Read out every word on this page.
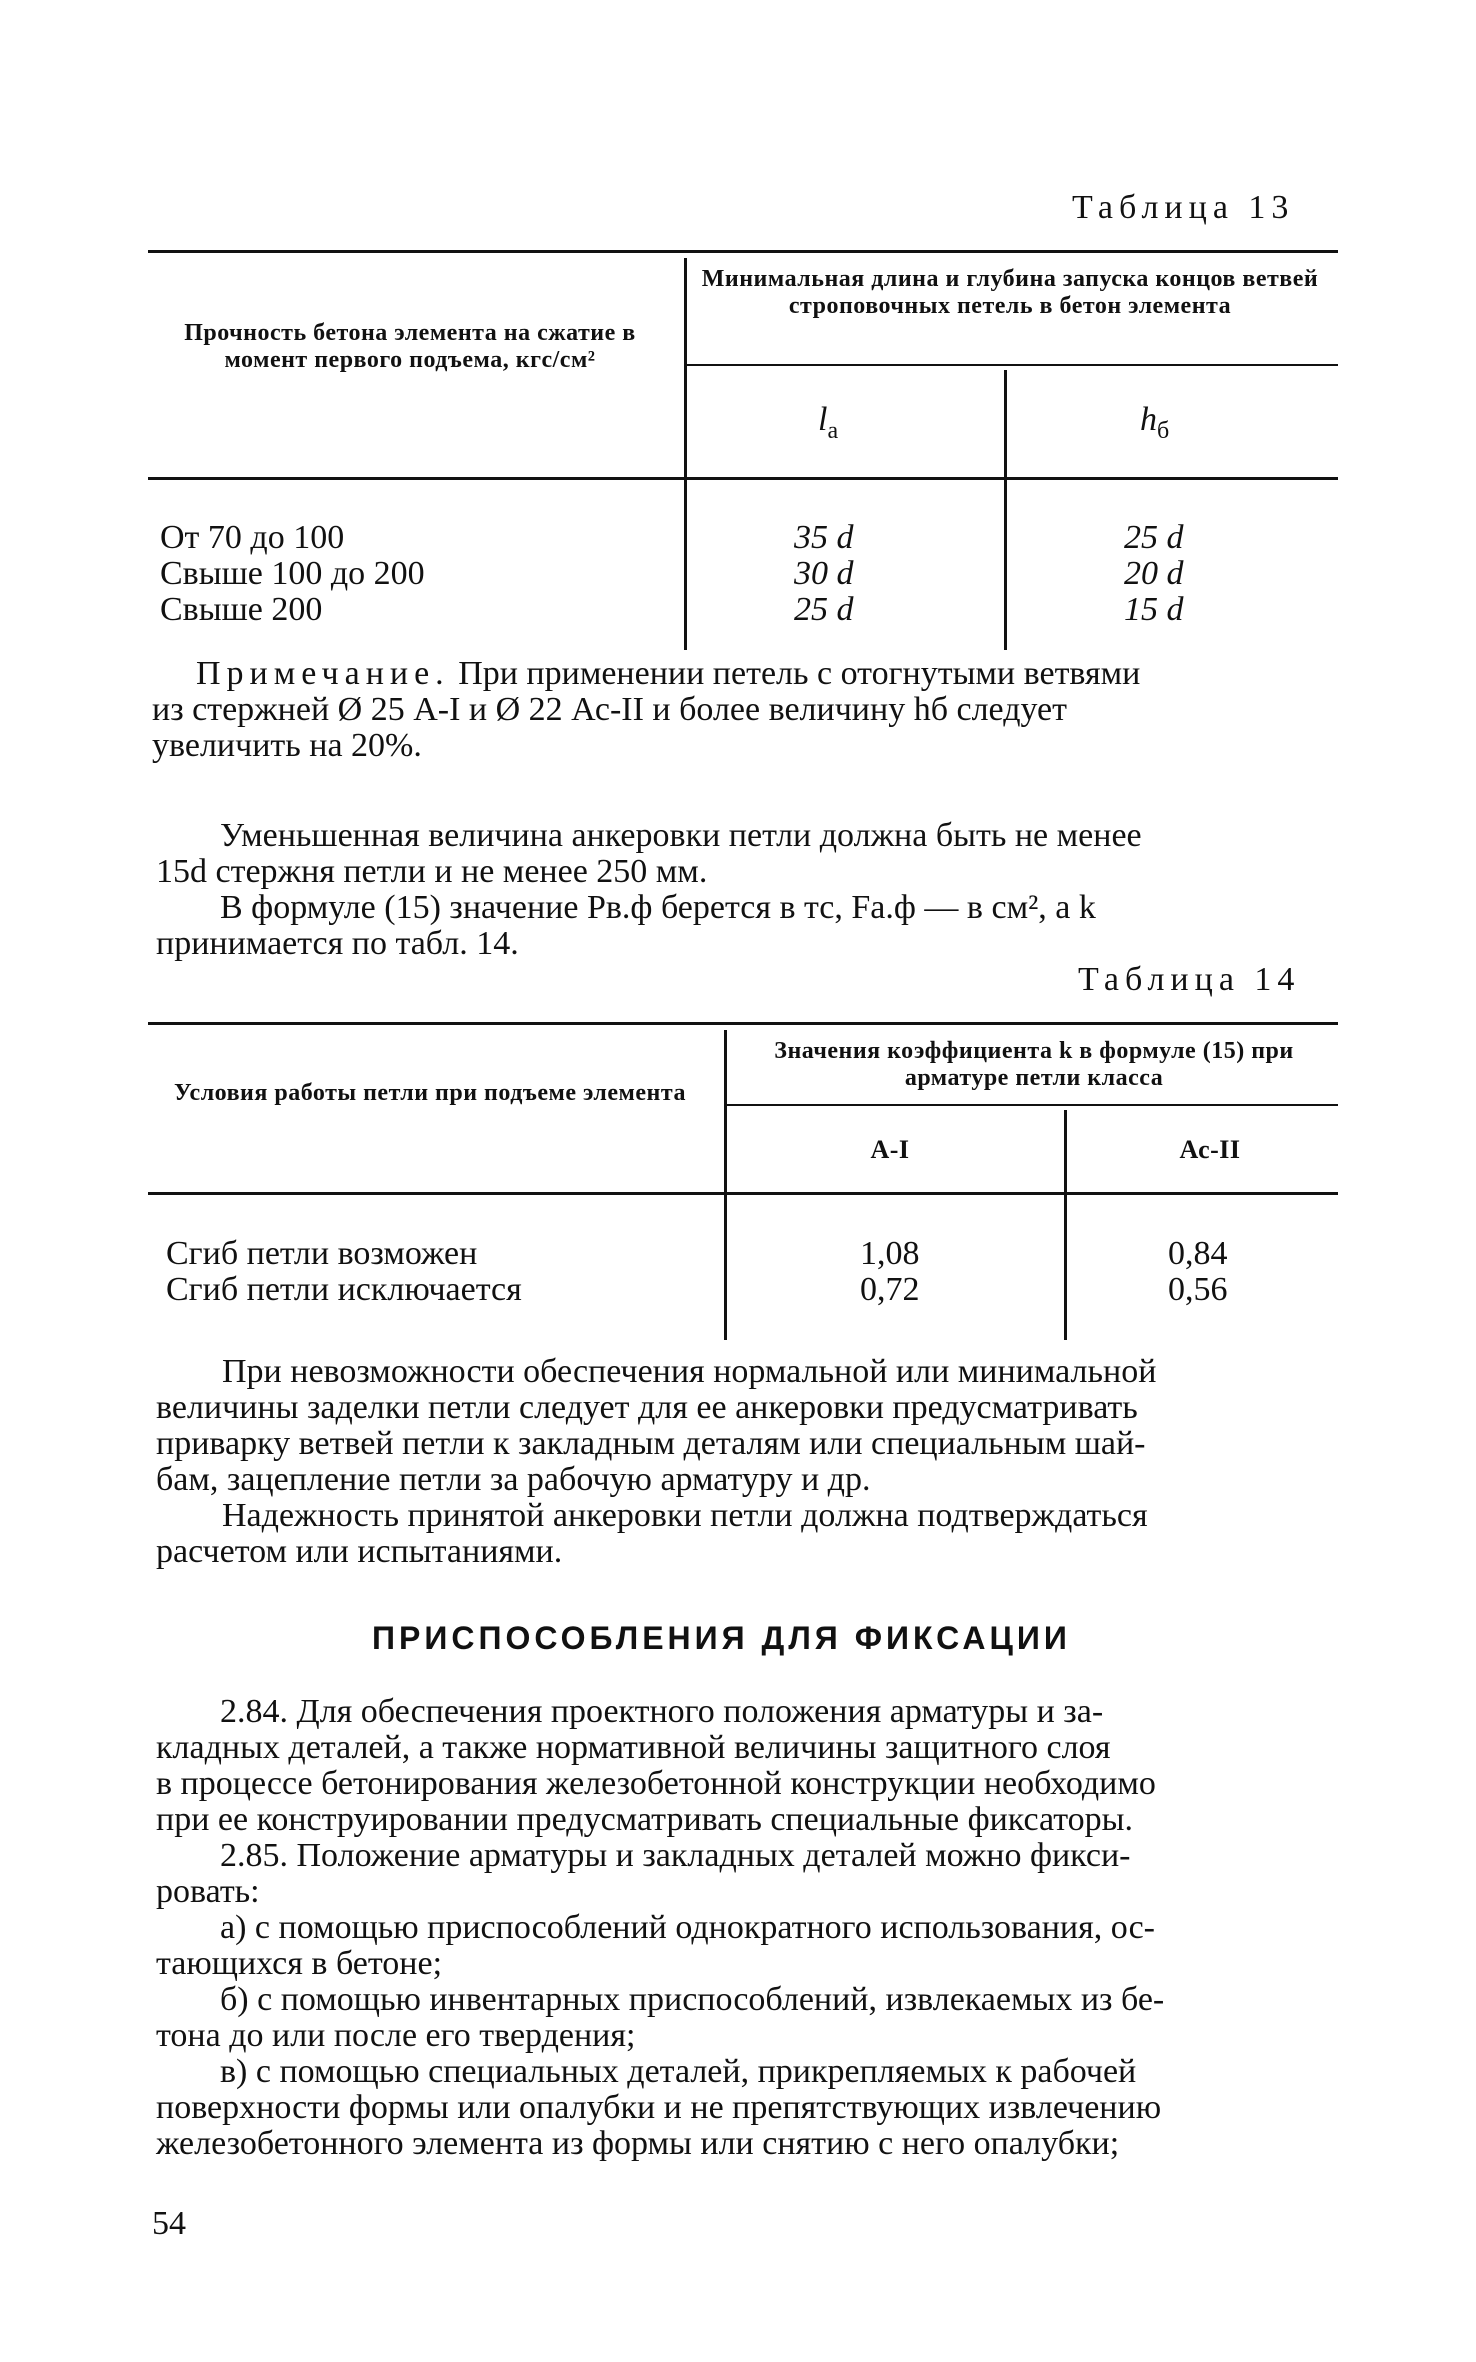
Таблица 13
Прочность бетона элемента на сжатие в момент первого подъема, кгс/см²
Минимальная длина и глубина запуска концов ветвей строповочных петель в бетон элемента
$l_а$	$h_б$
От 70 до 100	35 d	25 d
Свыше 100 до 200	30 d	20 d
Свыше 200	25 d	15 d
Примечание. При применении петель с отогнутыми ветвями
из стержней Ø 25 А-I и Ø 22 Ас-II и более величину hб следует
увеличить на 20%.
Уменьшенная величина анкеровки петли должна быть не менее
15d стержня петли и не менее 250 мм.
В формуле (15) значение Рв.ф берется в тс, Fа.ф — в см², а k
принимается по табл. 14.
Таблица 14
Условия работы петли при подъеме элемента
Значения коэффициента k в формуле (15) при арматуре петли класса
А-I	Ас-II
Сгиб петли возможен	1,08	0,84
Сгиб петли исключается	0,72	0,56
При невозможности обеспечения нормальной или минимальной
величины заделки петли следует для ее анкеровки предусматривать
приварку ветвей петли к закладным деталям или специальным шай-
бам, зацепление петли за рабочую арматуру и др.
Надежность принятой анкеровки петли должна подтверждаться
расчетом или испытаниями.
ПРИСПОСОБЛЕНИЯ ДЛЯ ФИКСАЦИИ
2.84. Для обеспечения проектного положения арматуры и за-
кладных деталей, а также нормативной величины защитного слоя
в процессе бетонирования железобетонной конструкции необходимо
при ее конструировании предусматривать специальные фиксаторы.
2.85. Положение арматуры и закладных деталей можно фикси-
ровать:
а) с помощью приспособлений однократного использования, ос-
тающихся в бетоне;
б) с помощью инвентарных приспособлений, извлекаемых из бе-
тона до или после его твердения;
в) с помощью специальных деталей, прикрепляемых к рабочей
поверхности формы или опалубки и не препятствующих извлечению
железобетонного элемента из формы или снятию с него опалубки;
54
